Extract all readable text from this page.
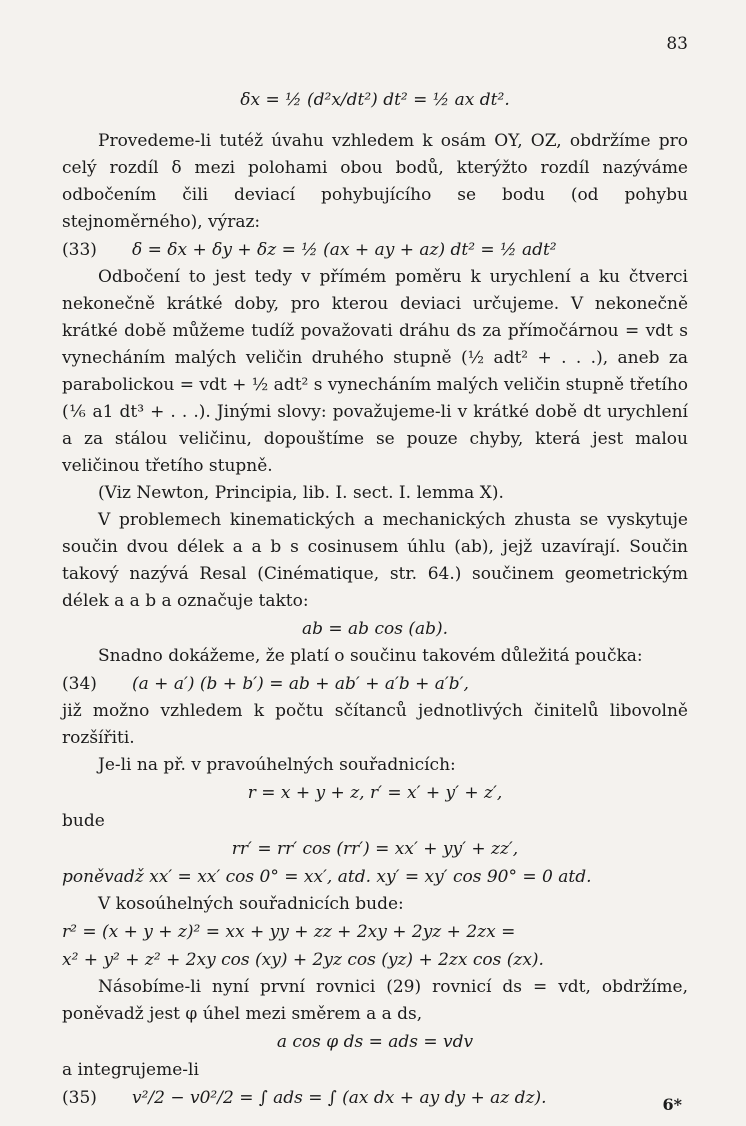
83
δx = ½ (d²x/dt²) dt² = ½ ax dt².

Provedeme-li tutéž úvahu vzhledem k osám OY, OZ, obdržíme pro celý rozdíl δ mezi polohami obou bodů, kterýžto rozdíl nazýváme odbočením čili deviací pohybujícího se bodu (od pohybu stejnoměrného), výraz:

(33)	δ = δx + δy + δz = ½ (ax + ay + az) dt² = ½ adt²

Odbočení to jest tedy v přímém poměru k urychlení a ku čtverci nekonečně krátké doby, pro kterou deviaci určujeme. V nekonečně krátké době můžeme tudíž považovati dráhu ds za přímočárnou = vdt s vynecháním malých veličin druhého stupně (½ adt² + . . .), aneb za parabolickou = vdt + ½ adt² s vynecháním malých veličin stupně třetího (⅙ a1 dt³ + . . .). Jinými slovy: považujeme-li v krátké době dt urychlení a za stálou veličinu, dopouštíme se pouze chyby, která jest malou veličinou třetího stupně.

(Viz Newton, Principia, lib. I. sect. I. lemma X).

V problemech kinematických a mechanických zhusta se vyskytuje součin dvou délek a a b s cosinusem úhlu (ab), jejž uzavírají. Součin takový nazývá Resal (Cinématique, str. 64.) součinem geometrickým délek a a b a označuje takto:

ab = ab cos (ab).

Snadno dokážeme, že platí o součinu takovém důležitá poučka:

(34)	(a + a′) (b + b′) = ab + ab′ + a′b + a′b′,

již možno vzhledem k počtu sčítanců jednotlivých činitelů libovolně rozšířiti.

Je-li na př. v pravoúhelných souřadnicích:

r = x + y + z, r′ = x′ + y′ + z′,
bude
rr′ = rr′ cos (rr′) = xx′ + yy′ + zz′,
poněvadž xx′ = xx′ cos 0° = xx′, atd. xy′ = xy′ cos 90° = 0 atd.

V kosoúhelných souřadnicích bude:

r² = (x + y + z)² = xx + yy + zz + 2xy + 2yz + 2zx =
x² + y² + z² + 2xy cos (xy) + 2yz cos (yz) + 2zx cos (zx).

Násobíme-li nyní první rovnici (29) rovnicí ds = vdt, obdržíme, poněvadž jest φ úhel mezi směrem a a ds,

a cos φ ds = ads = vdv
a integrujeme-li
(35)	v²/2 − v0²/2 = ∫ ads = ∫ (ax dx + ay dy + az dz).	6*
